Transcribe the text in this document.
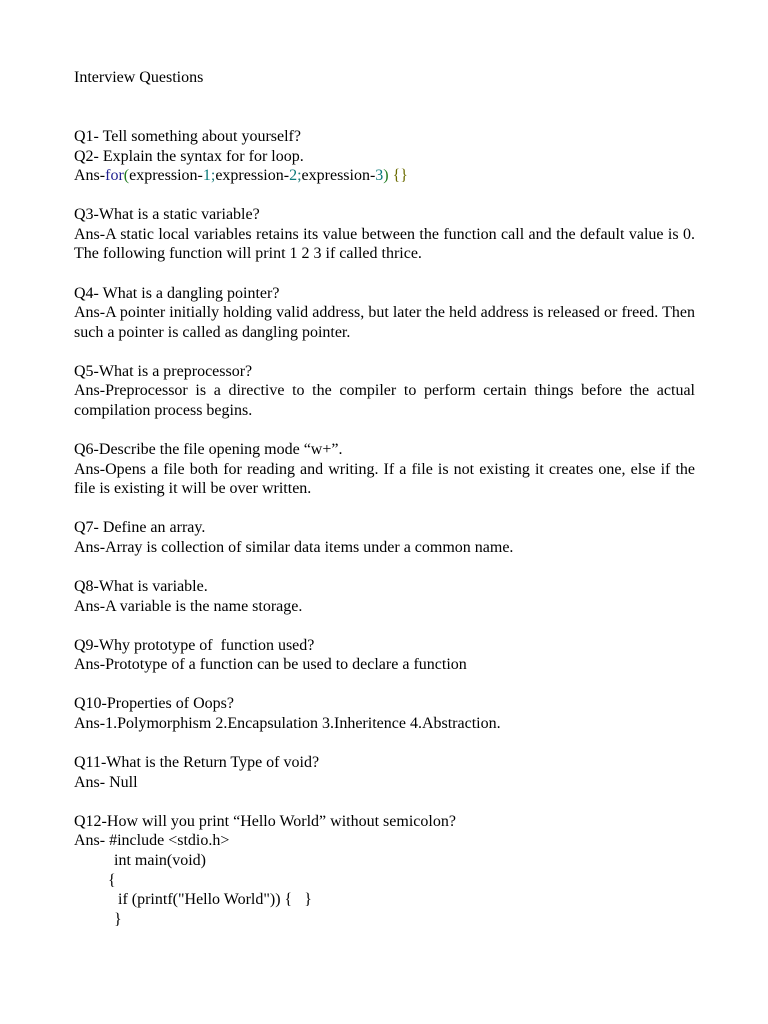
Interview Questions

Q1- Tell something about yourself?
Q2- Explain the syntax for for loop.
Ans-for(expression-1;expression-2;expression-3) {}
Q3-What is a static variable?
Ans-A static local variables retains its value between the function call and the default value is 0. The following function will print 1 2 3 if called thrice.
Q4- What is a dangling pointer?
Ans-A pointer initially holding valid address, but later the held address is released or freed. Then such a pointer is called as dangling pointer.
Q5-What is a preprocessor?
Ans-Preprocessor is a directive to the compiler to perform certain things before the actual compilation process begins.
Q6-Describe the file opening mode “w+”.
Ans-Opens a file both for reading and writing. If a file is not existing it creates one, else if the file is existing it will be over written.
Q7- Define an array.
Ans-Array is collection of similar data items under a common name.
Q8-What is variable.
Ans-A variable is the name storage.
Q9-Why prototype of  function used?
Ans-Prototype of a function can be used to declare a function
Q10-Properties of Oops?
Ans-1.Polymorphism 2.Encapsulation 3.Inheritence 4.Abstraction.
Q11-What is the Return Type of void?
Ans- Null
Q12-How will you print “Hello World” without semicolon?
Ans- #include <stdio.h>
int main(void)
{
if (printf("Hello World")) {   }
}
